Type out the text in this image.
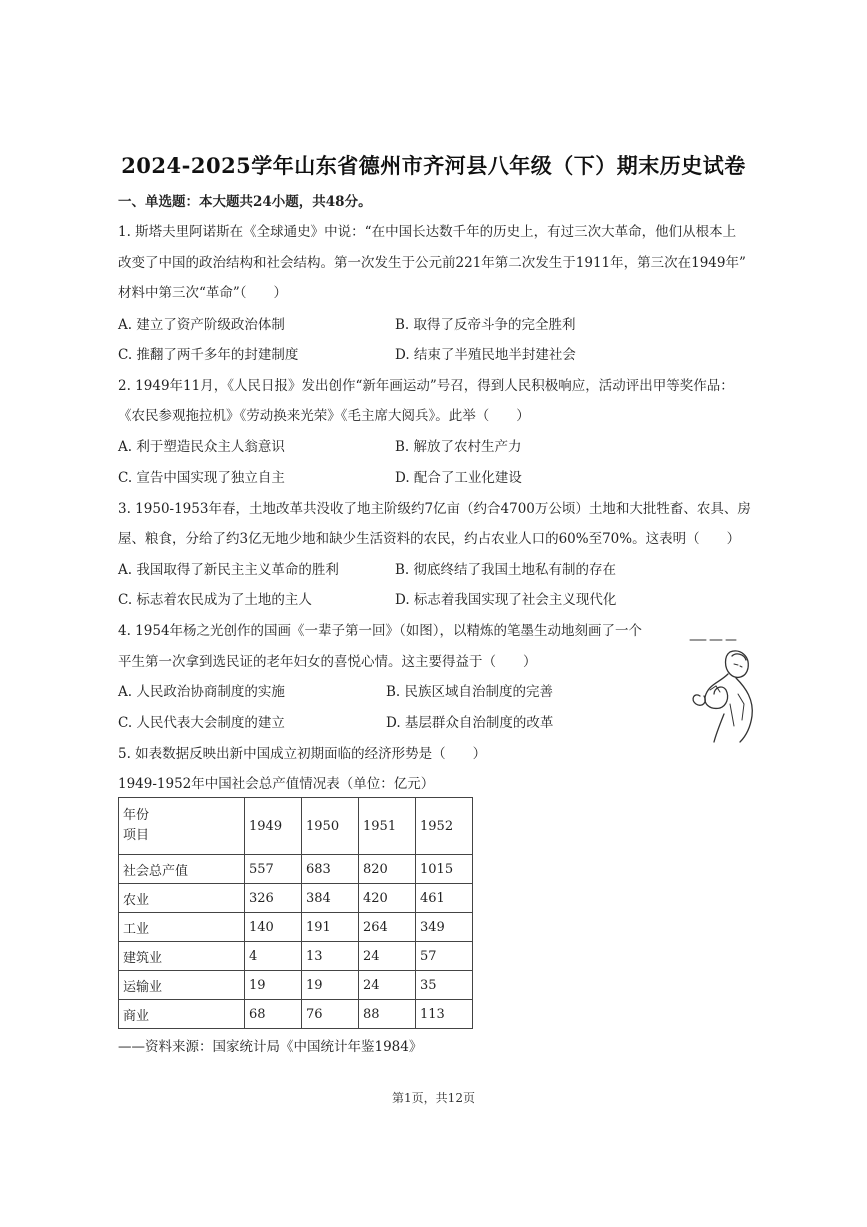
2024-2025学年山东省德州市齐河县八年级（下）期末历史试卷
一、单选题：本大题共24小题，共48分。
1. 斯塔夫里阿诺斯在《全球通史》中说：“在中国长达数千年的历史上，有过三次大革命，他们从根本上
改变了中国的政治结构和社会结构。第一次发生于公元前221年第二次发生于1911年，第三次在1949年”
材料中第三次“革命”（　　）
A. 建立了资产阶级政治体制	B. 取得了反帝斗争的完全胜利
C. 推翻了两千多年的封建制度	D. 结束了半殖民地半封建社会
2. 1949年11月，《人民日报》发出创作“新年画运动”号召，得到人民积极响应，活动评出甲等奖作品：
《农民参观拖拉机》《劳动换来光荣》《毛主席大阅兵》。此举（　　）
A. 利于塑造民众主人翁意识	B. 解放了农村生产力
C. 宣告中国实现了独立自主	D. 配合了工业化建设
3. 1950-1953年春，土地改革共没收了地主阶级约7亿亩（约合4700万公顷）土地和大批牲畜、农具、房
屋、粮食，分给了约3亿无地少地和缺少生活资料的农民，约占农业人口的60%至70%。这表明（　　）
A. 我国取得了新民主主义革命的胜利	B. 彻底终结了我国土地私有制的存在
C. 标志着农民成为了土地的主人	D. 标志着我国实现了社会主义现代化
4. 1954年杨之光创作的国画《一辈子第一回》（如图），以精炼的笔墨生动地刻画了一个
平生第一次拿到选民证的老年妇女的喜悦心情。这主要得益于（　　）
A. 人民政治协商制度的实施	B. 民族区域自治制度的完善
C. 人民代表大会制度的建立	D. 基层群众自治制度的改革
5. 如表数据反映出新中国成立初期面临的经济形势是（　　）
1949-1952年中国社会总产值情况表（单位：亿元）
年份
项目	1949	1950	1951	1952
社会总产值	557	683	820	1015
农业	326	384	420	461
工业	140	191	264	349
建筑业	4	13	24	57
运输业	19	19	24	35
商业	68	76	88	113
——资料来源：国家统计局《中国统计年鉴1984》
第1页，共12页
